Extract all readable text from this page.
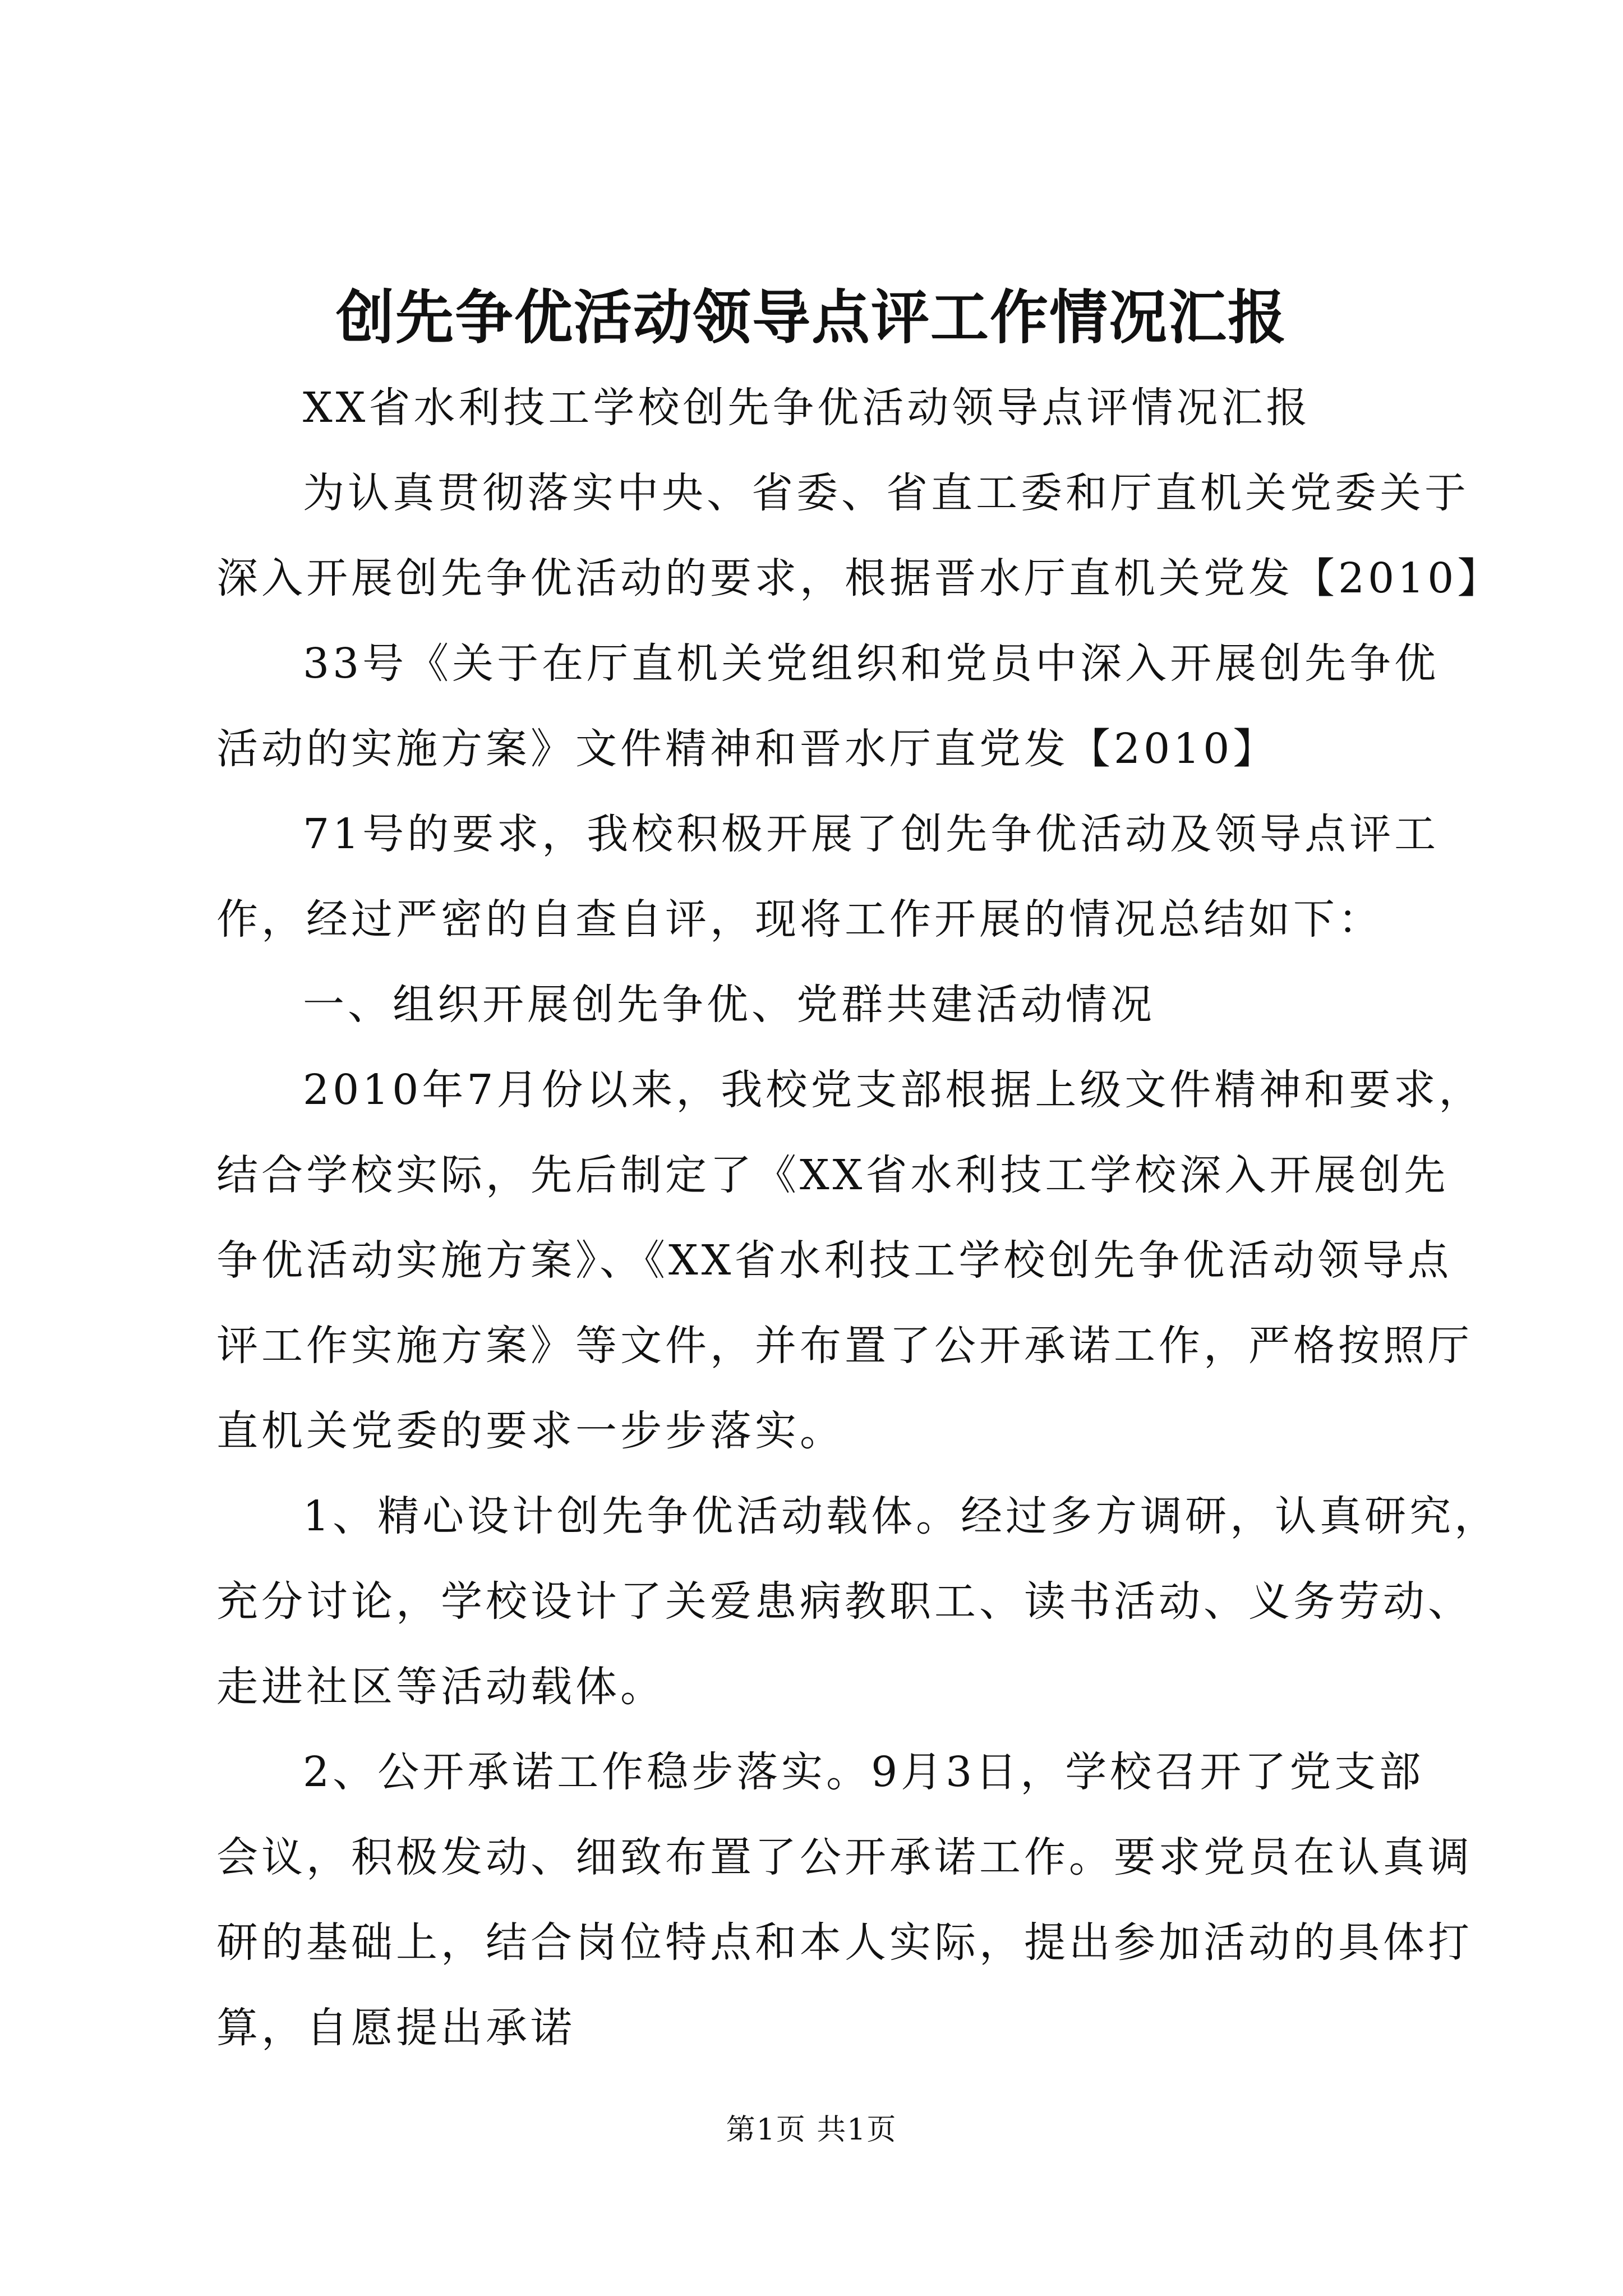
创先争优活动领导点评工作情况汇报
XX省水利技工学校创先争优活动领导点评情况汇报
为认真贯彻落实中央、省委、省直工委和厅直机关党委关于
深入开展创先争优活动的要求，根据晋水厅直机关党发【2010】
33号《关于在厅直机关党组织和党员中深入开展创先争优
活动的实施方案》文件精神和晋水厅直党发【2010】
71号的要求，我校积极开展了创先争优活动及领导点评工
作，经过严密的自查自评，现将工作开展的情况总结如下：
一、组织开展创先争优、党群共建活动情况
2010年7月份以来，我校党支部根据上级文件精神和要求，
结合学校实际，先后制定了《XX省水利技工学校深入开展创先
争优活动实施方案》、《XX省水利技工学校创先争优活动领导点
评工作实施方案》等文件，并布置了公开承诺工作，严格按照厅
直机关党委的要求一步步落实。
1、精心设计创先争优活动载体。经过多方调研，认真研究，
充分讨论，学校设计了关爱患病教职工、读书活动、义务劳动、
走进社区等活动载体。
2、公开承诺工作稳步落实。9月3日，学校召开了党支部
会议，积极发动、细致布置了公开承诺工作。要求党员在认真调
研的基础上，结合岗位特点和本人实际，提出参加活动的具体打
算，自愿提出承诺
第1页 共1页
